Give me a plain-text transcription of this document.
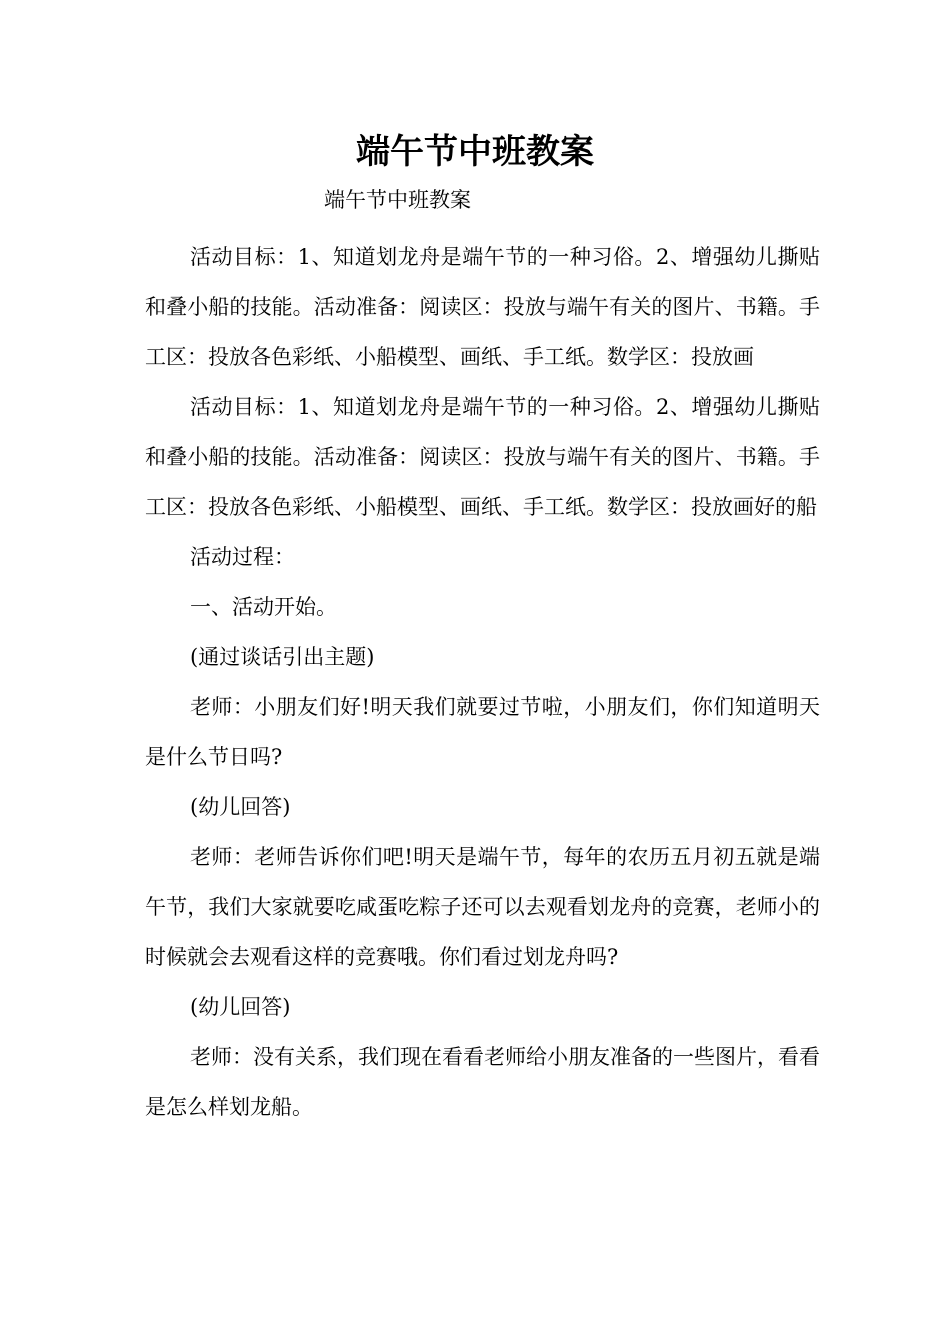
端午节中班教案
端午节中班教案

活动目标：1、知道划龙舟是端午节的一种习俗。2、增强幼儿撕贴和叠小船的技能。活动准备：阅读区：投放与端午有关的图片、书籍。手工区：投放各色彩纸、小船模型、画纸、手工纸。数学区：投放画

活动目标：1、知道划龙舟是端午节的一种习俗。2、增强幼儿撕贴和叠小船的技能。活动准备：阅读区：投放与端午有关的图片、书籍。手工区：投放各色彩纸、小船模型、画纸、手工纸。数学区：投放画好的船

活动过程：

一、活动开始。

(通过谈话引出主题)

老师：小朋友们好!明天我们就要过节啦，小朋友们，你们知道明天是什么节日吗?

(幼儿回答)

老师：老师告诉你们吧!明天是端午节，每年的农历五月初五就是端午节，我们大家就要吃咸蛋吃粽子还可以去观看划龙舟的竞赛，老师小的时候就会去观看这样的竞赛哦。你们看过划龙舟吗?

(幼儿回答)

老师：没有关系，我们现在看看老师给小朋友准备的一些图片，看看是怎么样划龙船。
